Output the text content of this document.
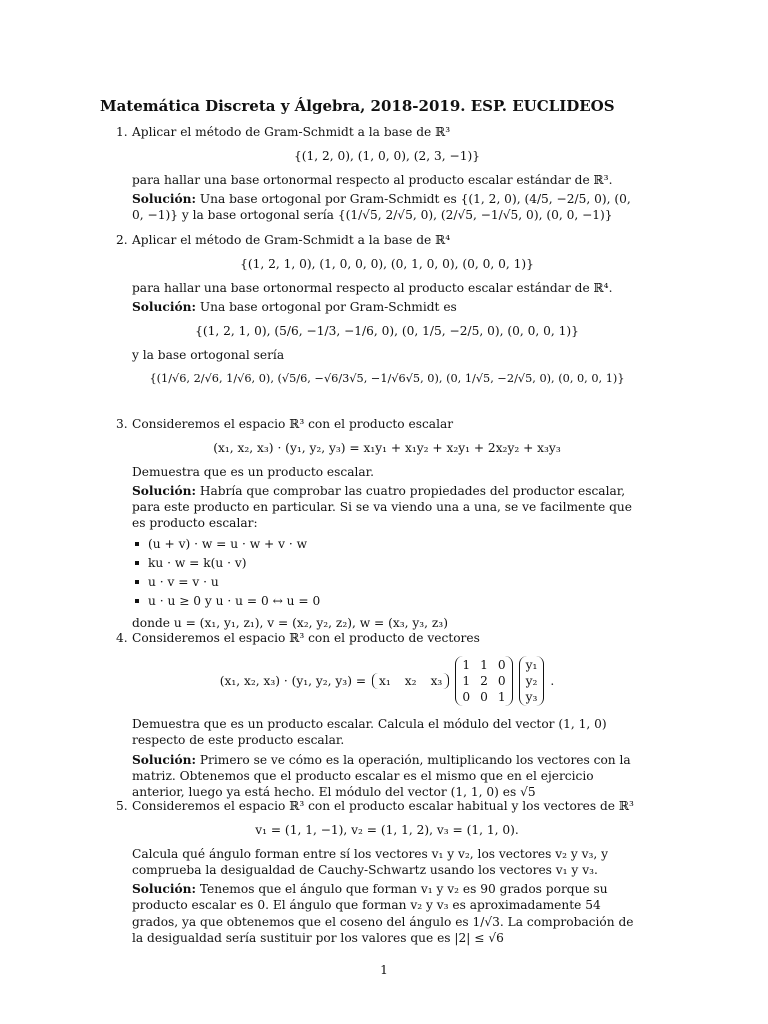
Matemática Discreta y Álgebra, 2018-2019. ESP. EUCLIDEOS
1. Aplicar el método de Gram-Schmidt a la base de ℝ³

{(1, 2, 0), (1, 0, 0), (2, 3, −1)}

para hallar una base ortonormal respecto al producto escalar estándar de ℝ³.

Solución: Una base ortogonal por Gram-Schmidt es {(1, 2, 0), (4/5, −2/5, 0), (0, 0, −1)} y la base ortogonal sería {(1/√5, 2/√5, 0), (2/√5, −1/√5, 0), (0, 0, −1)}

2. Aplicar el método de Gram-Schmidt a la base de ℝ⁴

{(1, 2, 1, 0), (1, 0, 0, 0), (0, 1, 0, 0), (0, 0, 0, 1)}

para hallar una base ortonormal respecto al producto escalar estándar de ℝ⁴.

Solución: Una base ortogonal por Gram-Schmidt es

{(1, 2, 1, 0), (5/6, −1/3, −1/6, 0), (0, 1/5, −2/5, 0), (0, 0, 0, 1)}

y la base ortogonal sería

{(1/√6, 2/√6, 1/√6, 0), (√5/6, −√6/3√5, −1/√6√5, 0), (0, 1/√5, −2/√5, 0), (0, 0, 0, 1)}
3. Consideremos el espacio ℝ³ con el producto escalar

(x₁, x₂, x₃) · (y₁, y₂, y₃) = x₁y₁ + x₁y₂ + x₂y₁ + 2x₂y₂ + x₃y₃

Demuestra que es un producto escalar.

Solución: Habría que comprobar las cuatro propiedades del productor escalar, para este producto en particular. Si se va viendo una a una, se ve facilmente que es producto escalar:

(u + v) · w = u · w + v · w
ku · w = k(u · v)
u · v = v · u
u · u ≥ 0 y u · u = 0 ↔ u = 0

donde u = (x₁, y₁, z₁), v = (x₂, y₂, z₂), w = (x₃, y₃, z₃)

4. Consideremos el espacio ℝ³ con el producto de vectores

(x₁, x₂, x₃) · (y₁, y₂, y₃) = x₁ x₂ x₃
1 1 0
1 2 0
0 0 1
y₁
y₂
y₃
.

Demuestra que es un producto escalar. Calcula el módulo del vector (1, 1, 0) respecto de este producto escalar.

Solución: Primero se ve cómo es la operación, multiplicando los vectores con la matriz. Obtenemos que el producto escalar es el mismo que en el ejercicio anterior, luego ya está hecho. El módulo del vector (1, 1, 0) es √5

5. Consideremos el espacio ℝ³ con el producto escalar habitual y los vectores de ℝ³

v₁ = (1, 1, −1), v₂ = (1, 1, 2), v₃ = (1, 1, 0).

Calcula qué ángulo forman entre sí los vectores v₁ y v₂, los vectores v₂ y v₃, y comprueba la desigualdad de Cauchy-Schwartz usando los vectores v₁ y v₃.

Solución: Tenemos que el ángulo que forman v₁ y v₂ es 90 grados porque su producto escalar es 0. El ángulo que forman v₂ y v₃ es aproximadamente 54 grados, ya que obtenemos que el coseno del ángulo es 1/√3. La comprobación de la desigualdad sería sustituir por los valores que es |2| ≤ √6

1
